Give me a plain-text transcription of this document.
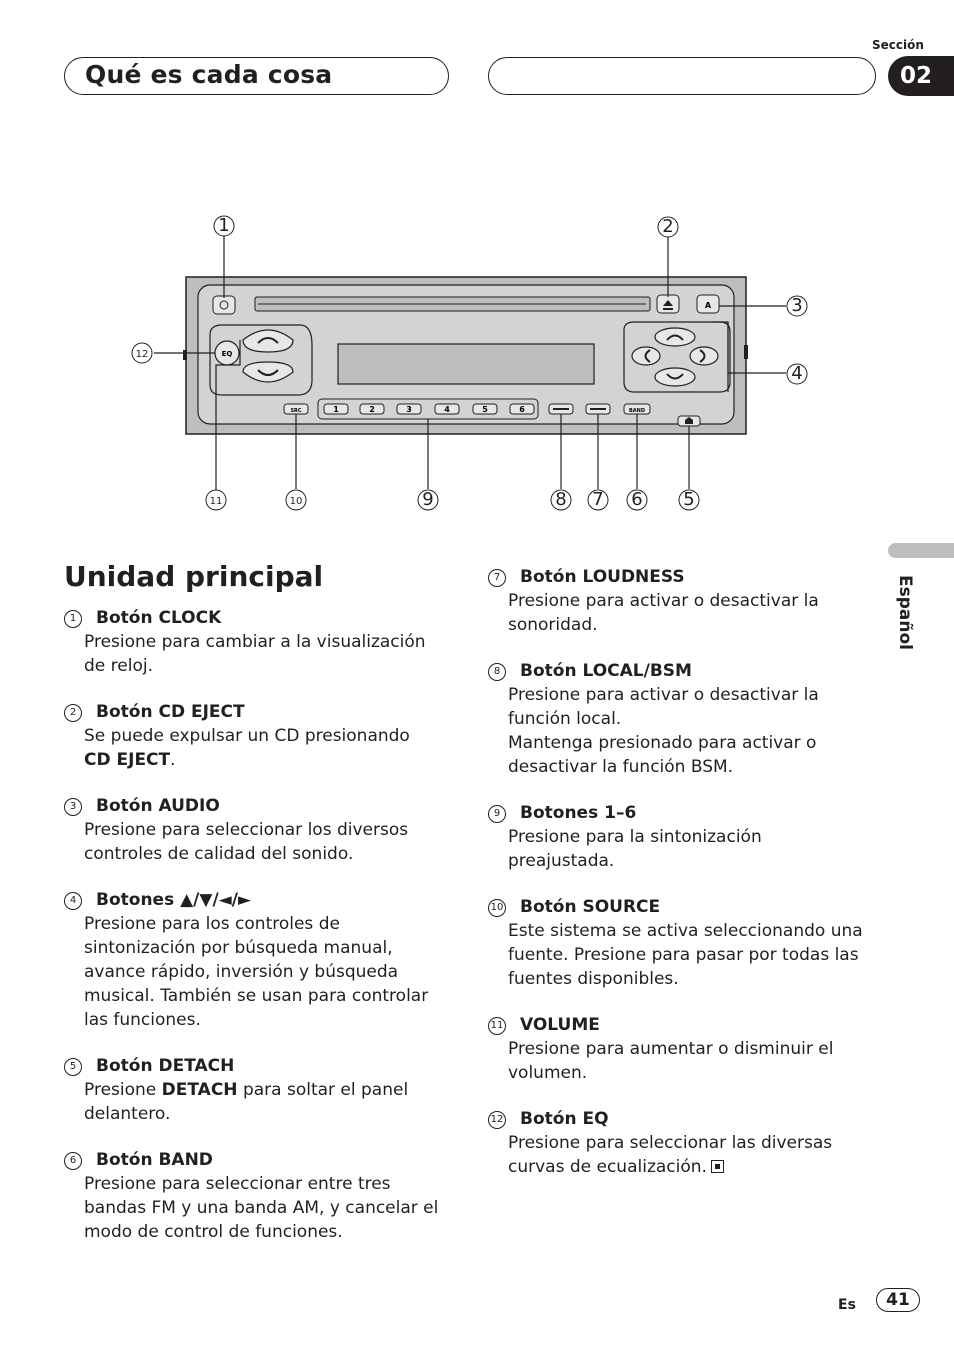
Sección
Qué es cada cosa	02
Español
A
EQ
SRC	1	2	3	4	5	6	BAND
1	2
3
4
5
6
7
8
9
10
11
12
Unidad principal
1	Botón CLOCK
Presione para cambiar a la visualización de reloj.
2	Botón CD EJECT
Se puede expulsar un CD presionando
CD EJECT.
3	Botón AUDIO
Presione para seleccionar los diversos controles de calidad del sonido.
4	Botones ▲/▼/◄/►
Presione para los controles de sintonización por búsqueda manual, avance rápido, inversión y búsqueda musical. También se usan para controlar las funciones.
5	Botón DETACH
Presione DETACH para soltar el panel delantero.
6	Botón BAND
Presione para seleccionar entre tres bandas FM y una banda AM, y cancelar el modo de control de funciones.
7	Botón LOUDNESS
Presione para activar o desactivar la sonoridad.
8	Botón LOCAL/BSM
Presione para activar o desactivar la función local.
Mantenga presionado para activar o desactivar la función BSM.
9	Botones 1–6
Presione para la sintonización preajustada.
10 Botón SOURCE
Este sistema se activa seleccionando una fuente. Presione para pasar por todas las fuentes disponibles.
11 VOLUME
Presione para aumentar o disminuir el volumen.
12 Botón EQ
Presione para seleccionar las diversas curvas de ecualización.
Es	41
